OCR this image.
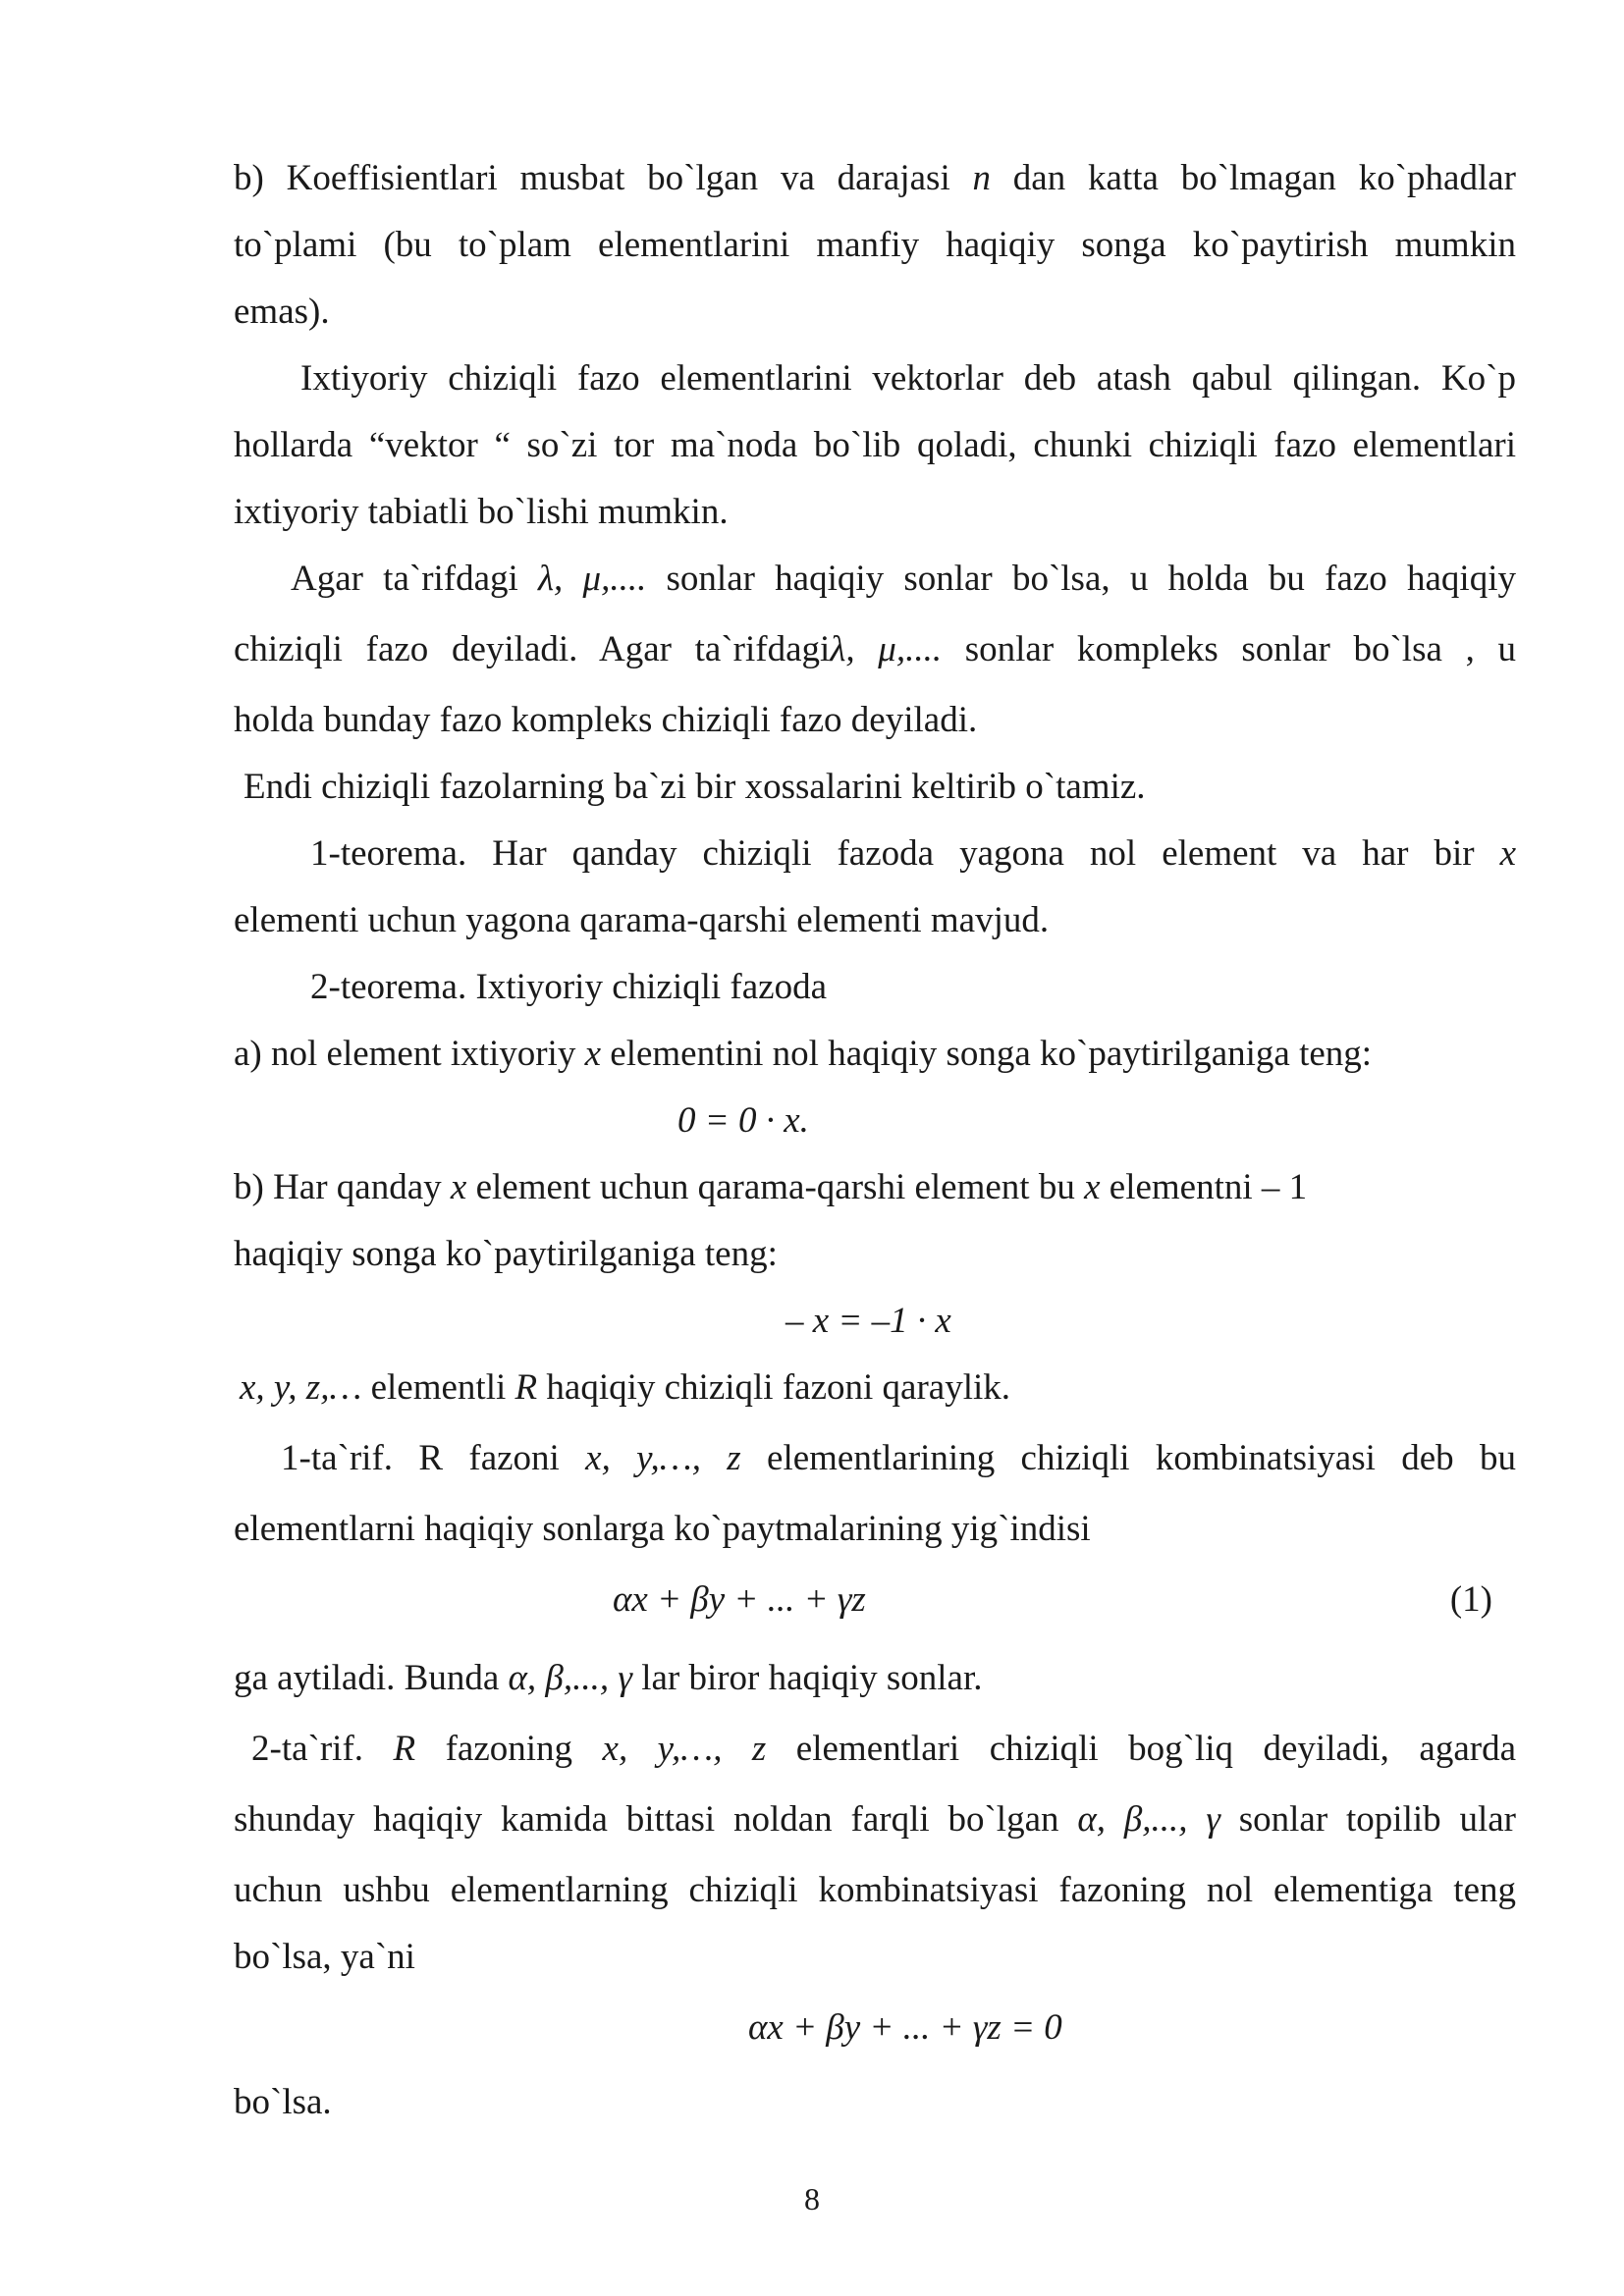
b) Koeffisientlari musbat bo`lgan va darajasi n dan katta bo`lmagan ko`phadlar
to`plami (bu to`plam elementlarini manfiy haqiqiy songa ko`paytirish mumkin
emas).
Ixtiyoriy chiziqli fazo elementlarini vektorlar deb atash qabul qilingan. Ko`p
hollarda “vektor “ so`zi tor ma`noda bo`lib qoladi, chunki chiziqli fazo elementlari
ixtiyoriy tabiatli bo`lishi mumkin.
Agar ta`rifdagi λ, μ,.... sonlar haqiqiy sonlar bo`lsa, u holda bu fazo haqiqiy
chiziqli fazo deyiladi. Agar ta`rifdagiλ, μ,.... sonlar kompleks sonlar bo`lsa , u
holda bunday fazo kompleks chiziqli fazo deyiladi.
Endi chiziqli fazolarning ba`zi bir xossalarini keltirib o`tamiz.
1-teorema. Har qanday chiziqli fazoda yagona nol element va har bir x
elementi uchun yagona qarama-qarshi elementi mavjud.
2-teorema. Ixtiyoriy chiziqli fazoda
a) nol element ixtiyoriy x elementini nol haqiqiy songa ko`paytirilganiga teng:
0 = 0 · x.
b) Har qanday x element uchun qarama-qarshi element bu x elementni – 1
haqiqiy songa ko`paytirilganiga teng:
– x = –1 · x
x, y, z,… elementli R haqiqiy chiziqli fazoni qaraylik.
1-ta`rif. R fazoni x, y,…, z elementlarining chiziqli kombinatsiyasi deb bu
elementlarni haqiqiy sonlarga ko`paytmalarining yig`indisi
αx + βy + ... + γz	(1)
ga aytiladi. Bunda α, β,..., γ lar biror haqiqiy sonlar.
2-ta`rif. R fazoning x, y,…, z elementlari chiziqli bog`liq deyiladi, agarda
shunday haqiqiy kamida bittasi noldan farqli bo`lgan α, β,..., γ sonlar topilib ular
uchun ushbu elementlarning chiziqli kombinatsiyasi fazoning nol elementiga teng
bo`lsa, ya`ni
αx + βy + ... + γz = 0
bo`lsa.
8
